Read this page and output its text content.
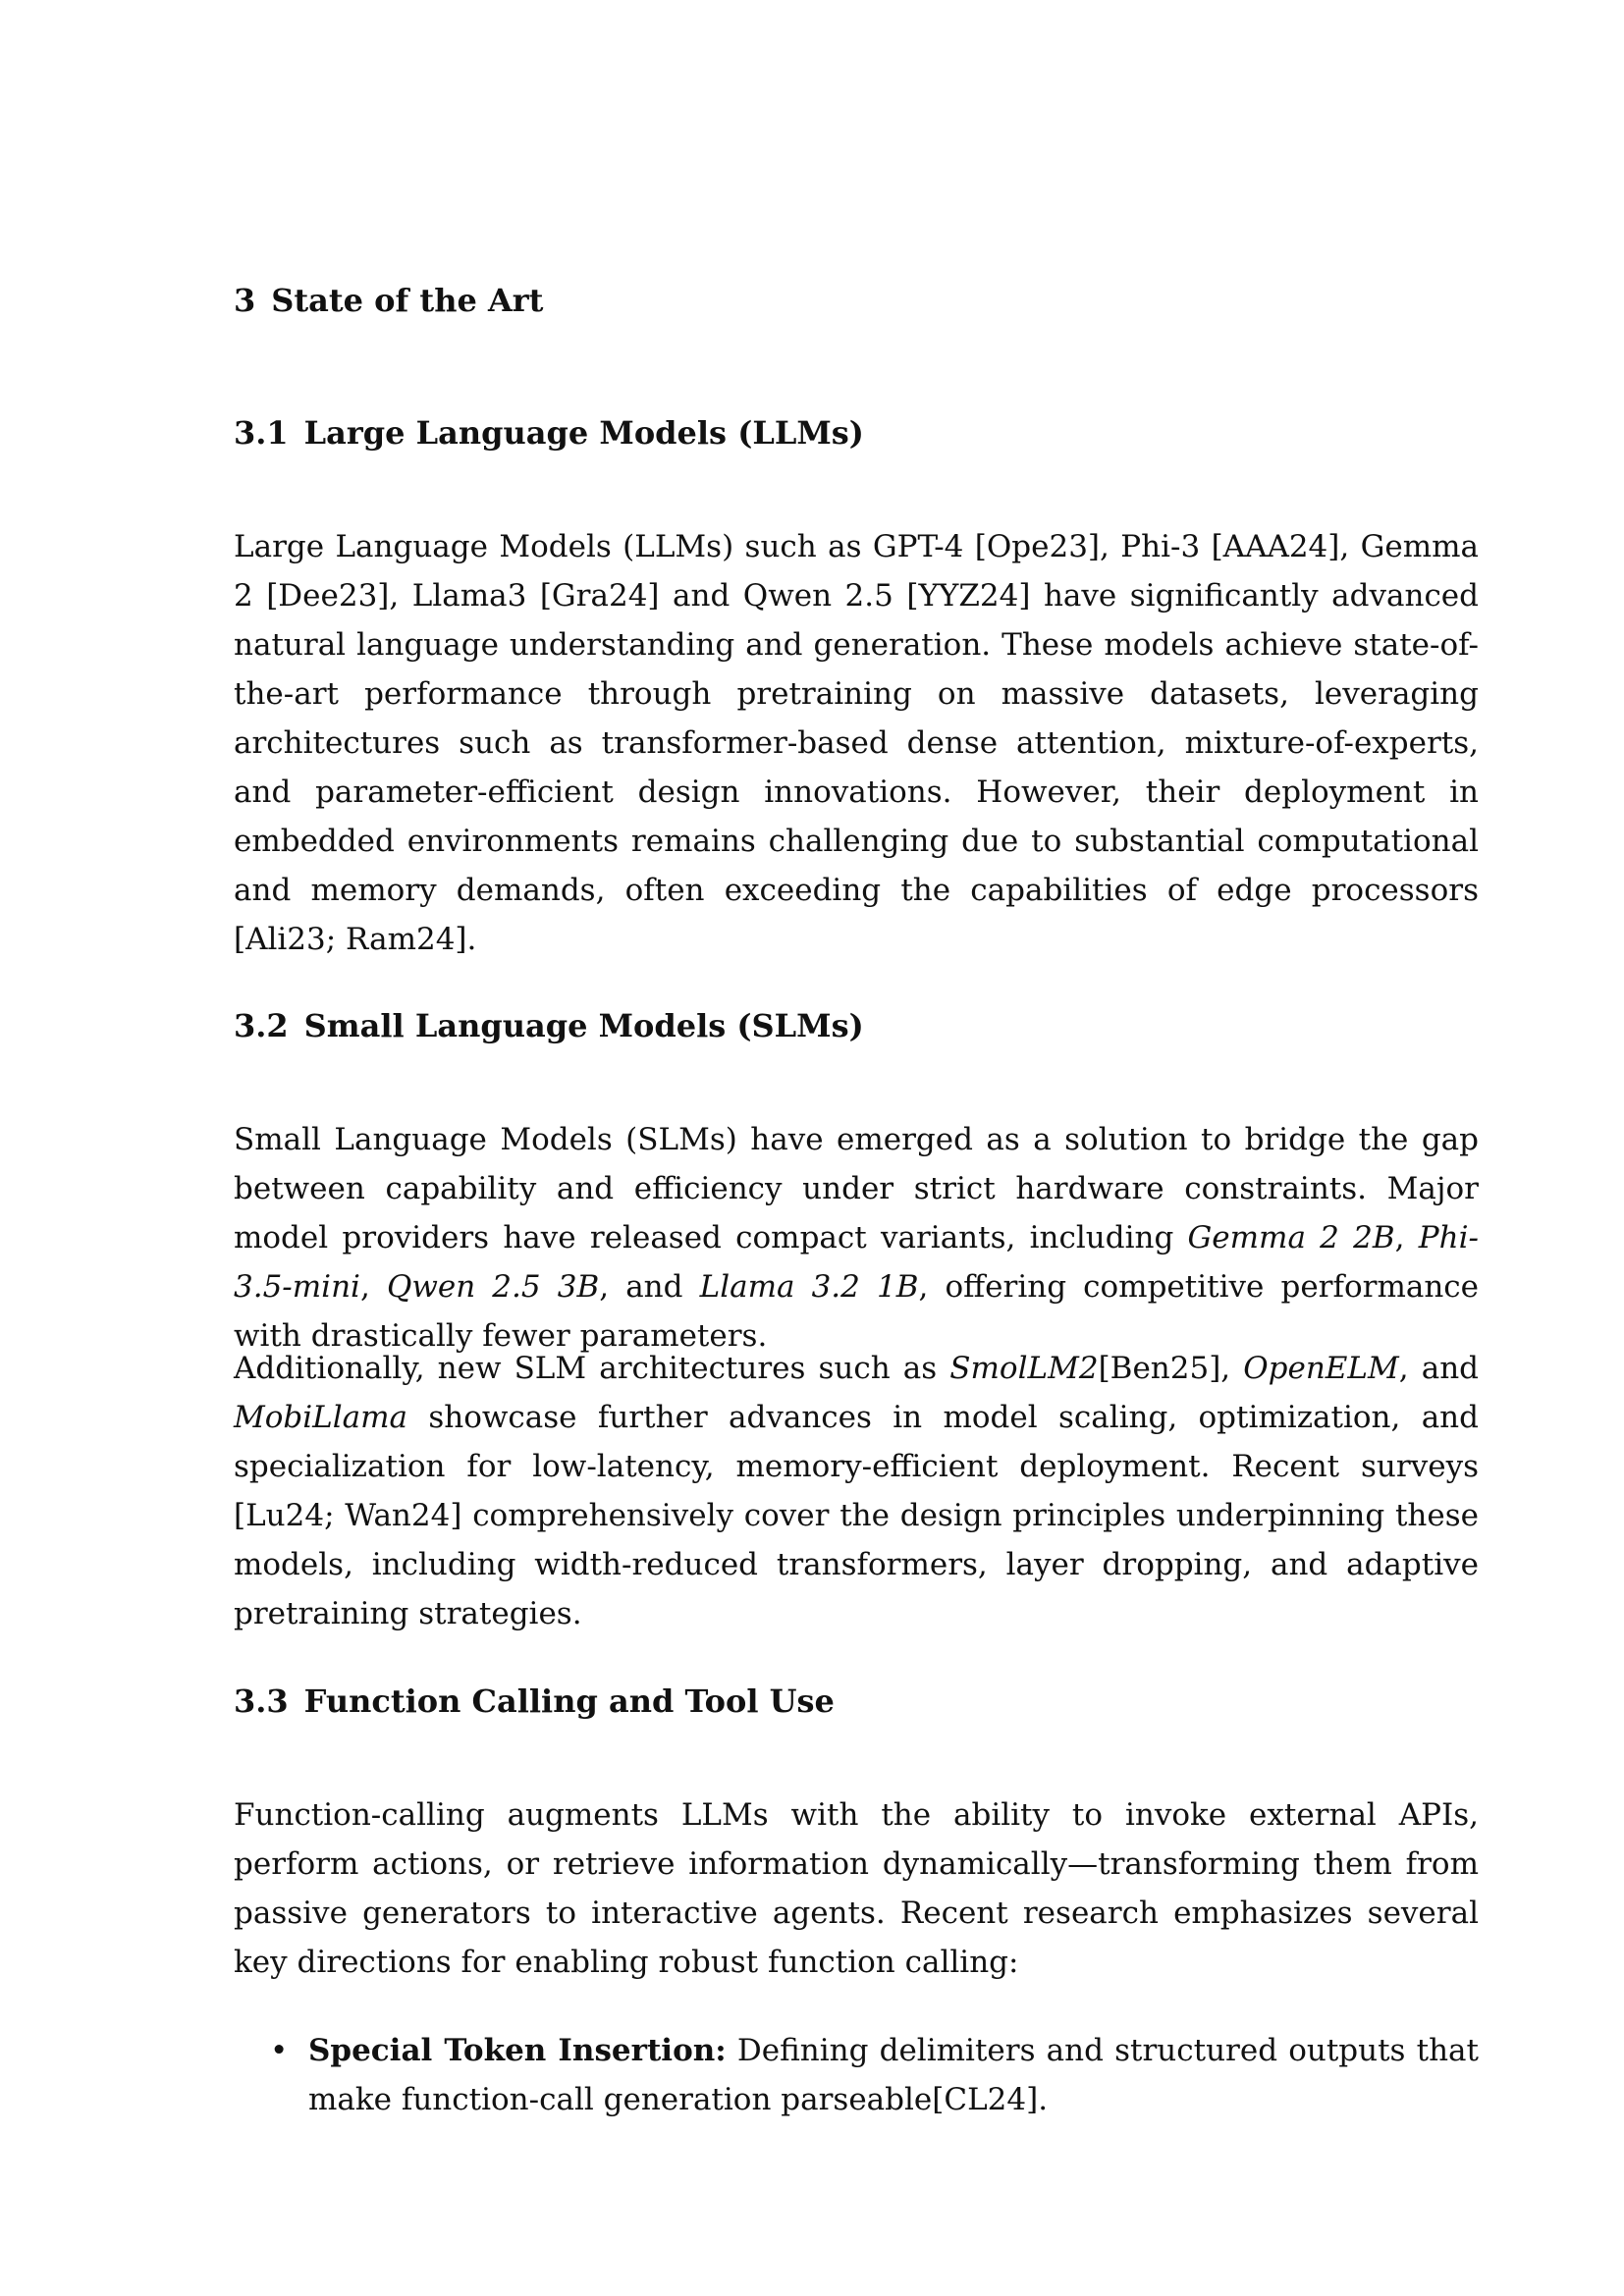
3 State of the Art
3.1 Large Language Models (LLMs)

Large Language Models (LLMs) such as GPT-4 [Ope23], Phi-3 [AAA24], Gemma 2 [Dee23], Llama3 [Gra24] and Qwen 2.5 [YYZ24] have significantly advanced natural language understanding and generation. These models achieve state-of-the-art performance through pretraining on massive datasets, leveraging architectures such as transformer-based dense attention, mixture-of-experts, and parameter-efficient design innovations. However, their deployment in embedded environments remains challenging due to substantial computational and memory demands, often exceeding the capabilities of edge processors [Ali23; Ram24].

3.2 Small Language Models (SLMs)

Small Language Models (SLMs) have emerged as a solution to bridge the gap between capability and efficiency under strict hardware constraints. Major model providers have released compact variants, including Gemma 2 2B, Phi-3.5-mini, Qwen 2.5 3B, and Llama 3.2 1B, offering competitive performance with drastically fewer parameters.

Additionally, new SLM architectures such as SmolLM2[Ben25], OpenELM, and MobiLlama showcase further advances in model scaling, optimization, and specialization for low-latency, memory-efficient deployment. Recent surveys [Lu24; Wan24] comprehensively cover the design principles underpinning these models, including width-reduced transformers, layer dropping, and adaptive pretraining strategies.

3.3 Function Calling and Tool Use

Function-calling augments LLMs with the ability to invoke external APIs, perform actions, or retrieve information dynamically—transforming them from passive generators to interactive agents. Recent research emphasizes several key directions for enabling robust function calling:

• Special Token Insertion: Defining delimiters and structured outputs that make function-call generation parseable[CL24].
